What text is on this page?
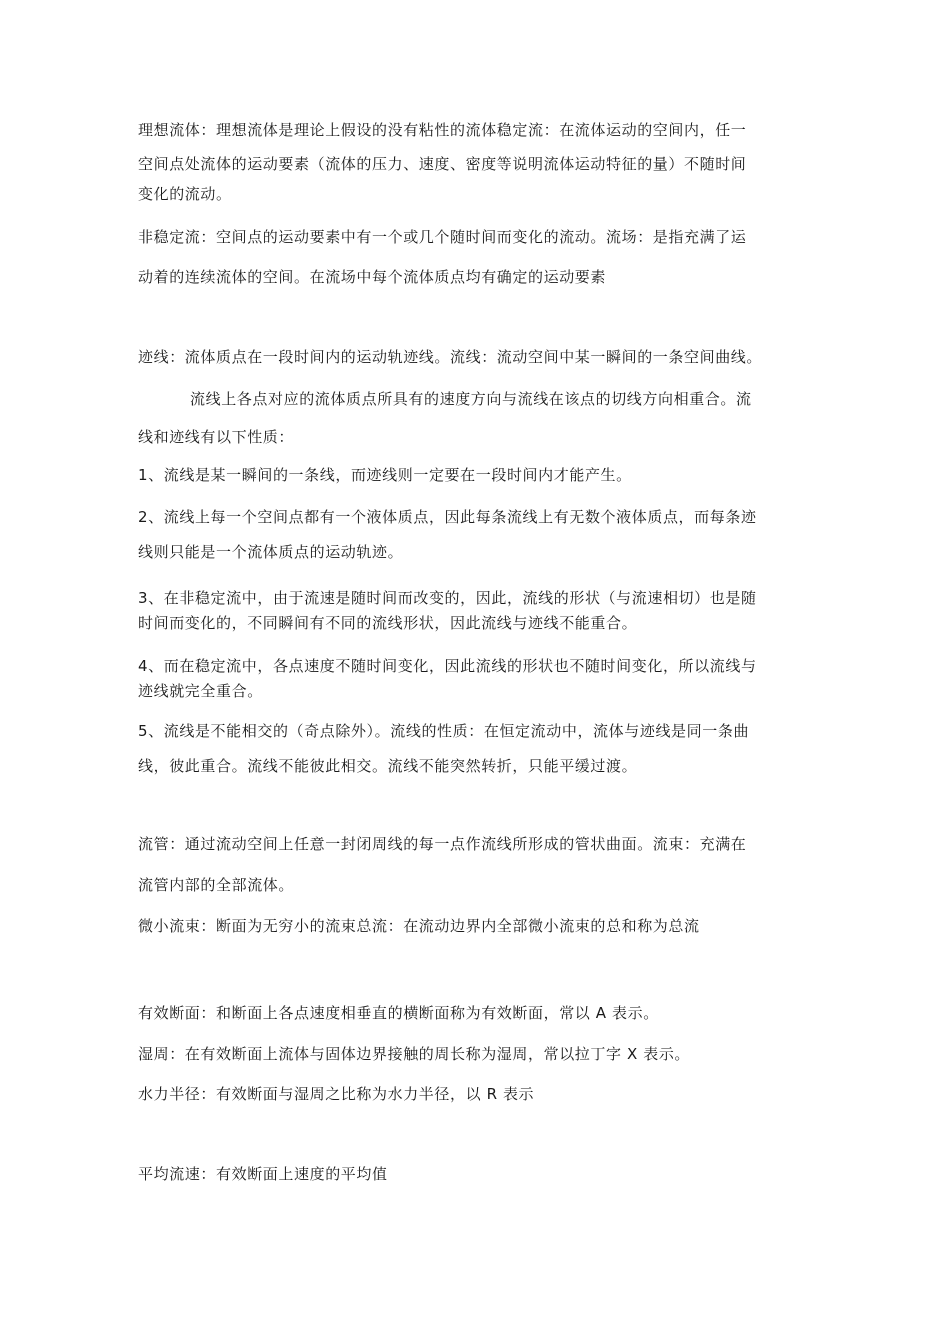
理想流体：理想流体是理论上假设的没有粘性的流体稳定流：在流体运动的空间内，任一

空间点处流体的运动要素（流体的压力、速度、密度等说明流体运动特征的量）不随时间

变化的流动。

非稳定流：空间点的运动要素中有一个或几个随时间而变化的流动。流场：是指充满了运

动着的连续流体的空间。在流场中每个流体质点均有确定的运动要素

迹线：流体质点在一段时间内的运动轨迹线。流线：流动空间中某一瞬间的一条空间曲线。

流线上各点对应的流体质点所具有的速度方向与流线在该点的切线方向相重合。流

线和迹线有以下性质：

1、流线是某一瞬间的一条线，而迹线则一定要在一段时间内才能产生。

2、流线上每一个空间点都有一个液体质点，因此每条流线上有无数个液体质点，而每条迹

线则只能是一个流体质点的运动轨迹。

3、在非稳定流中，由于流速是随时间而改变的，因此，流线的形状（与流速相切）也是随

时间而变化的，不同瞬间有不同的流线形状，因此流线与迹线不能重合。

4、而在稳定流中，各点速度不随时间变化，因此流线的形状也不随时间变化，所以流线与

迹线就完全重合。

5、流线是不能相交的（奇点除外）。流线的性质：在恒定流动中，流体与迹线是同一条曲

线，彼此重合。流线不能彼此相交。流线不能突然转折，只能平缓过渡。

流管：通过流动空间上任意一封闭周线的每一点作流线所形成的管状曲面。流束：充满在

流管内部的全部流体。

微小流束：断面为无穷小的流束总流：在流动边界内全部微小流束的总和称为总流

有效断面：和断面上各点速度相垂直的横断面称为有效断面，常以 A 表示。

湿周：在有效断面上流体与固体边界接触的周长称为湿周，常以拉丁字 X 表示。

水力半径：有效断面与湿周之比称为水力半径，以 R 表示

平均流速：有效断面上速度的平均值
